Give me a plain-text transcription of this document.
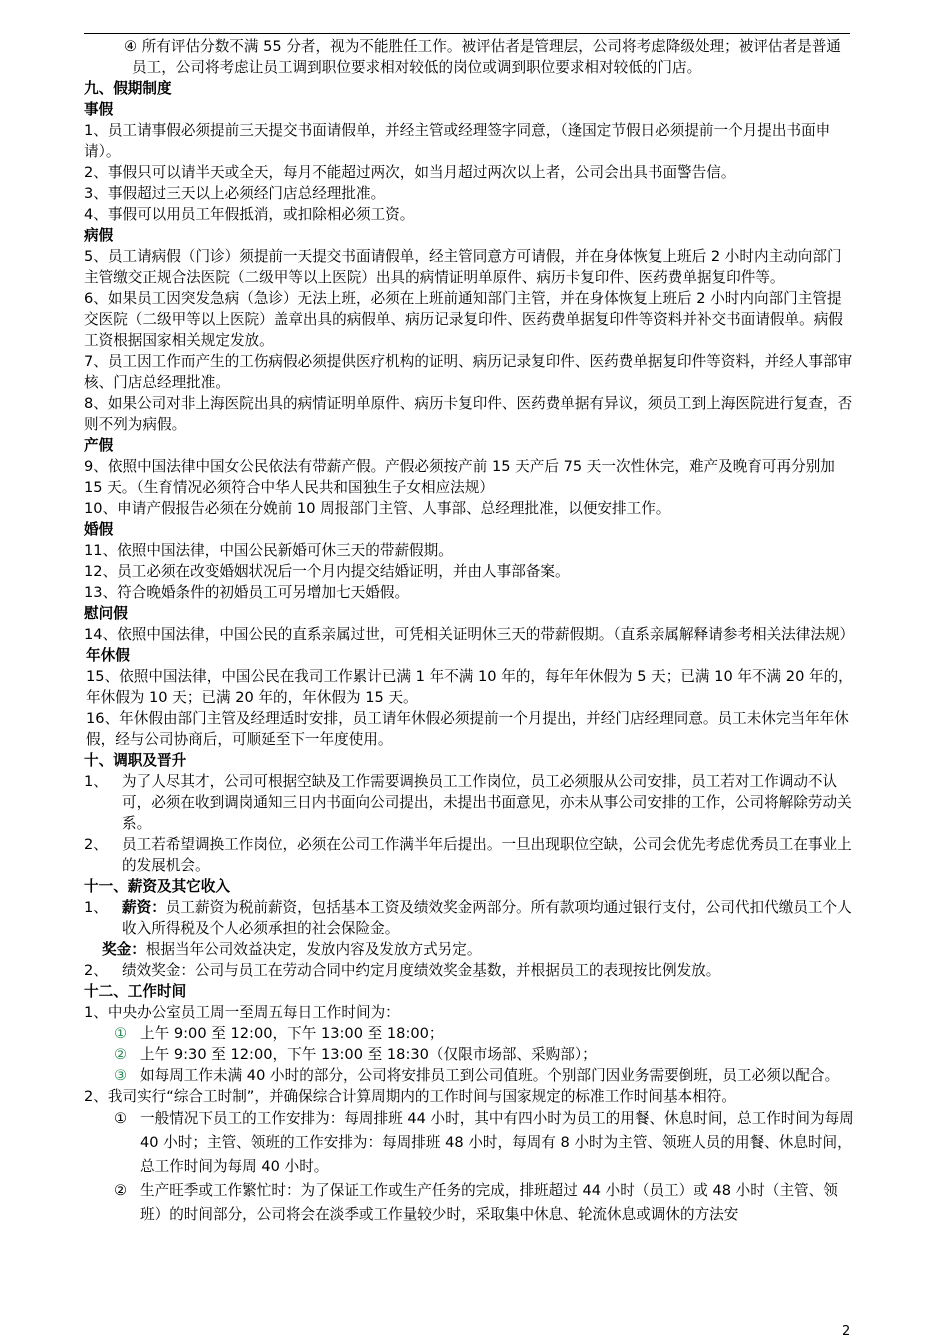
④ 所有评估分数不满 55 分者，视为不能胜任工作。被评估者是管理层，公司将考虑降级处理；被评估者是普通员工，公司将考虑让员工调到职位要求相对较低的岗位或调到职位要求相对较低的门店。

九、假期制度

事假

1、员工请事假必须提前三天提交书面请假单，并经主管或经理签字同意，（逢国定节假日必须提前一个月提出书面申请）。

2、事假只可以请半天或全天，每月不能超过两次，如当月超过两次以上者，公司会出具书面警告信。

3、事假超过三天以上必须经门店总经理批准。

4、事假可以用员工年假抵消，或扣除相必须工资。

病假

5、员工请病假（门诊）须提前一天提交书面请假单，经主管同意方可请假，并在身体恢复上班后 2 小时内主动向部门主管缴交正规合法医院（二级甲等以上医院）出具的病情证明单原件、病历卡复印件、医药费单据复印件等。

6、如果员工因突发急病（急诊）无法上班，必须在上班前通知部门主管，并在身体恢复上班后 2 小时内向部门主管提交医院（二级甲等以上医院）盖章出具的病假单、病历记录复印件、医药费单据复印件等资料并补交书面请假单。病假工资根据国家相关规定发放。

7、员工因工作而产生的工伤病假必须提供医疗机构的证明、病历记录复印件、医药费单据复印件等资料，并经人事部审核、门店总经理批准。

8、如果公司对非上海医院出具的病情证明单原件、病历卡复印件、医药费单据有异议，须员工到上海医院进行复查，否则不列为病假。

产假

9、依照中国法律中国女公民依法有带薪产假。产假必须按产前 15 天产后 75 天一次性休完，难产及晚育可再分别加 15 天。（生育情况必须符合中华人民共和国独生子女相应法规）

10、申请产假报告必须在分娩前 10 周报部门主管、人事部、总经理批准，以便安排工作。

婚假

11、依照中国法律，中国公民新婚可休三天的带薪假期。

12、员工必须在改变婚姻状况后一个月内提交结婚证明，并由人事部备案。

13、符合晚婚条件的初婚员工可另增加七天婚假。

慰问假

14、依照中国法律，中国公民的直系亲属过世，可凭相关证明休三天的带薪假期。（直系亲属解释请参考相关法律法规）

年休假

15、依照中国法律，中国公民在我司工作累计已满 1 年不满 10 年的，每年年休假为 5 天；已满 10 年不满 20 年的，年休假为 10 天；已满 20 年的，年休假为 15 天。

16、年休假由部门主管及经理适时安排，员工请年休假必须提前一个月提出，并经门店经理同意。员工未休完当年年休假，经与公司协商后，可顺延至下一年度使用。

十、调职及晋升

1、 为了人尽其才，公司可根据空缺及工作需要调换员工工作岗位，员工必须服从公司安排，员工若对工作调动不认可，必须在收到调岗通知三日内书面向公司提出，未提出书面意见，亦未从事公司安排的工作，公司将解除劳动关系。
2、 员工若希望调换工作岗位，必须在公司工作满半年后提出。一旦出现职位空缺，公司会优先考虑优秀员工在事业上的发展机会。

十一、薪资及其它收入

1、 薪资：员工薪资为税前薪资，包括基本工资及绩效奖金两部分。所有款项均通过银行支付，公司代扣代缴员工个人收入所得税及个人必须承担的社会保险金。

奖金：根据当年公司效益决定，发放内容及发放方式另定。

2、 绩效奖金：公司与员工在劳动合同中约定月度绩效奖金基数，并根据员工的表现按比例发放。

十二、工作时间

1、中央办公室员工周一至周五每日工作时间为：

① 上午 9:00 至 12:00，下午 13:00 至 18:00；
② 上午 9:30 至 12:00，下午 13:00 至 18:30（仅限市场部、采购部）；
③ 如每周工作未满 40 小时的部分，公司将安排员工到公司值班。个别部门因业务需要倒班，员工必须以配合。

2、我司实行“综合工时制”，并确保综合计算周期内的工作时间与国家规定的标准工作时间基本相符。

① 一般情况下员工的工作安排为：每周排班 44 小时，其中有四小时为员工的用餐、休息时间，总工作时间为每周 40 小时；主管、领班的工作安排为：每周排班 48 小时，每周有 8 小时为主管、领班人员的用餐、休息时间，总工作时间为每周 40 小时。
② 生产旺季或工作繁忙时：为了保证工作或生产任务的完成，排班超过 44 小时（员工）或 48 小时（主管、领班）的时间部分，公司将会在淡季或工作量较少时，采取集中休息、轮流休息或调休的方法安
2
